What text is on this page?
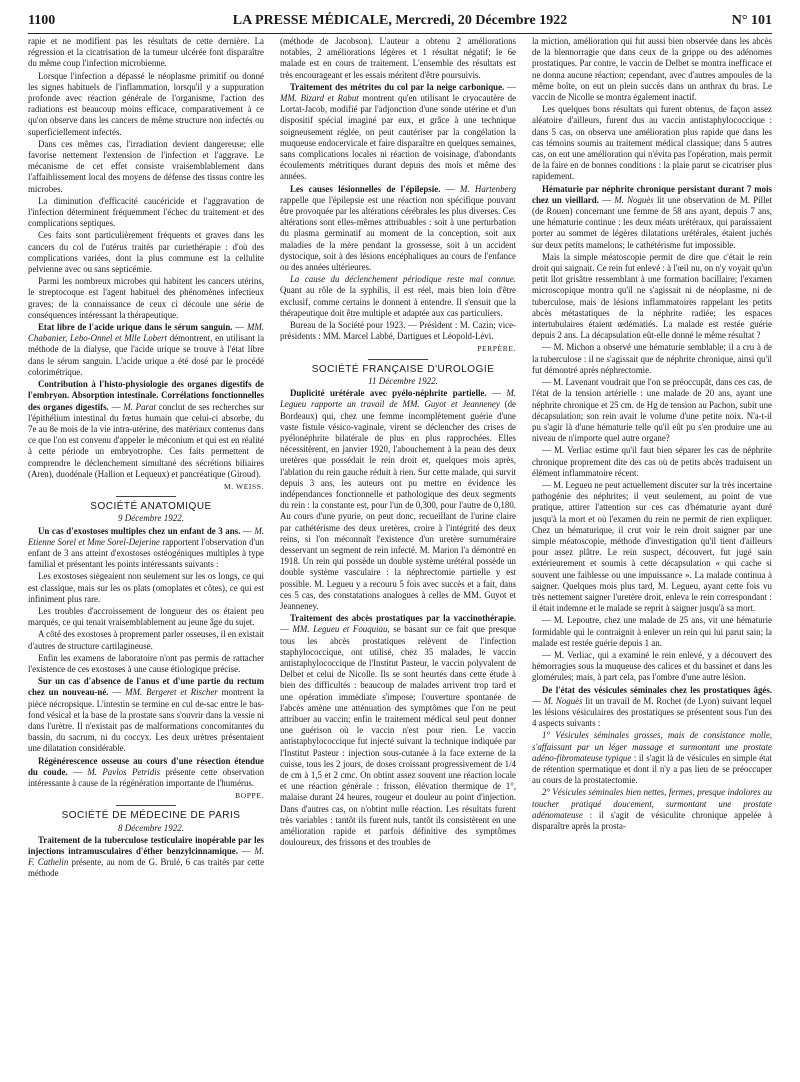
1100	LA PRESSE MÉDICALE, Mercredi, 20 Décembre 1922	N° 101

rapie et ne modifient pas les résultats de cette dernière. La régression et la cicatrisation de la tumeur ulcérée font disparaître du même coup l'infection microbienne.

Lorsque l'infection a dépassé le néoplasme primitif ou donné les signes habituels de l'inflammation, lorsqu'il y a suppuration profonde avec réaction générale de l'organisme, l'action des radiations est beaucoup moins efficace, comparativement à ce qu'on observe dans les cancers de même structure non infectés ou superficiellement infectés.

Dans ces mêmes cas, l'irradiation devient dangereuse; elle favorise nettement l'extension de l'infection et l'aggrave. Le mécanisme de cet effet consiste vraisemblablement dans l'affaiblissement local des moyens de défense des tissus contre les microbes.

La diminution d'efficacité caucéricide et l'aggravation de l'infection déterminent fréquemment l'échec du traitement et des complications septiques.

Ces faits sont particulièrement fréquents et graves dans les cancers du col de l'utérus traités par curiethérapie : d'où des complications variées, dont la plus commune est la cellulite pelvienne avec ou sans septicémie.

Parmi les nombreux microbes qui habitent les cancers utérins, le streptocoque est l'agent habituel des phénomènes infectieux graves; de la connaissance de ceux ci découle une série de conséquences intéressant la thérapeutique.

Etat libre de l'acide urique dans le sérum sanguin. — MM. Chabanier, Lebo-Onnel et Mlle Lobert démontrent, en utilisant la méthode de la dialyse, que l'acide urique se trouve à l'état libre dans le sérum sanguin. L'acide urique a été dosé par le procédé colorimétrique.

Contribution à l'histo-physiologie des organes digestifs de l'embryon. Absorption intestinale. Corrélations fonctionnelles des organes digestifs. — M. Parat conclut de ses recherches sur l'épithélium intestinal du fœtus humain que celui-ci absorbe, du 7e au 8e mois de la vie intra-utérine, des matériaux contenus dans ce que l'on est convenu d'appeler le méconium et qui est en réalité à cette période un embryotrophe. Ces faits permettent de comprendre le déclenchement simultané des sécrétions biliaires (Aren), duodénale (Hallion et Lequeux) et pancréatique (Giroud).

M. WEISS.

SOCIÉTÉ ANATOMIQUE

9 Décembre 1922.

Un cas d'exostoses multiples chez un enfant de 3 ans. — M. Etienne Sorel et Mme Sorel-Dejerine rapportent l'observation d'un enfant de 3 ans atteint d'exostoses ostéogéniques multiples à type familial et présentant les points intéressants suivants :

Les exostoses siègeaient non seulement sur les os longs, ce qui est classique, mais sur les os plats (omoplates et côtes), ce qui est infiniment plus rare.

Les troubles d'accroissement de longueur des os étaient peu marqués, ce qui tenait vraisemblablement au jeune âge du sujet.

A côté des exostoses à proprement parler osseuses, il en existait d'autres de structure cartilagineuse.

Enfin les examens de laboratoire n'ont pas permis de rattacher l'existence de ces exostoses à une cause étiologique précise.

Sur un cas d'absence de l'anus et d'une partie du rectum chez un nouveau-né. — MM. Bergeret et Rischer montrent la pièce nécropsique. L'intestin se termine en cul de-sac entre le bas-fond vésical et la base de la prostate sans s'ouvrir dans la vessie ni dans l'urètre. Il n'existait pas de malformations concomitantes du bassin, du sacrum, ni du coccyx. Les deux urètres présentaient une dilatation considérable.

Régénérescence osseuse au cours d'une résection étendue du coude. — M. Pavlos Petridis présente cette observation intéressante à cause de la régénération importante de l'humérus.

BOPPE.

SOCIÉTÉ DE MÉDECINE DE PARIS

8 Décembre 1922.

Traitement de la tuberculose testiculaire inopérable par les injections intramusculaires d'éther benzylcinnamique. — M. F. Cathelin présente, au nom de G. Brulé, 6 cas traités par cette méthode

(méthode de Jacobson). L'auteur a obtenu 2 améliorations notables, 2 améliorations légères et 1 résultat négatif; le 6e malade est en cours de traitement. L'ensemble des résultats est très encourageant et les essais méritent d'être poursuivis.

Traitement des métrites du col par la neige carbonique. — MM. Bizard et Rabut montrent qu'en utilisant le cryocautère de Lortat-Jacob, modifié par l'adjonction d'une sonde utérine et d'un dispositif spécial imaginé par eux, et grâce à une technique soigneusement réglée, on peut cautériser par la congélation la muqueuse endocervicale et faire disparaître en quelques semaines, sans complications locales ni réaction de voisinage, d'abondants écoulements métritiques durant depuis des mois et même des années.

Les causes lésionnelles de l'épilepsie. — M. Hartenberg rappelle que l'épilepsie est une réaction non spécifique pouvant être provoquée par les altérations cérébrales les plus diverses. Ces altérations sont elles-mêmes attribuables : soit à une perturbation du plasma germinatif au moment de la conception, soit aux maladies de la mère pendant la grossesse, soit à un accident dystocique, soit à des lésions encéphaliques au cours de l'enfance ou des années ultérieures.

La cause du déclenchement périodique reste mal connue. Quant au rôle de la syphilis, il est réel, mais bien loin d'être exclusif, comme certains le donnent à entendre. Il s'ensuit que la thérapeutique doit être multiple et adaptée aux cas particuliers.

Bureau de la Société pour 1923. — Président : M. Cazin; vice-présidents : MM. Marcel Labbé, Dartigues et Léopold-Lévi.

PERPÈRE.

SOCIÉTÉ FRANÇAISE D'UROLOGIE

11 Décembre 1922.

Duplicité urétérale avec pyélo-néphrite partielle. — M. Legueu rapporte un travail de MM. Guyot et Jeanneney (de Bordeaux) qui, chez une femme incomplètement guérie d'une vaste fistule vésico-vaginale, virent se déclencher des crises de pyélonéphrite bilatérale de plus en plus rapprochées. Elles nécessitèrent, en janvier 1920, l'abouchement à la peau des deux uretères que possédait le rein droit et, quelques mois après, l'ablation du rein gauche réduit à rien. Sur cette malade, qui survit depuis 3 ans, les auteurs ont pu mettre en évidence les indépendances fonctionnelle et pathologique des deux segments du rein : la constante est, pour l'un de 0,300, pour l'autre de 0,180. Au cours d'une pyurie, on peut donc, recueillant de l'urine claire par cathétérisme des deux uretères, croire à l'intégrité des deux reins, si l'on méconnaît l'existence d'un uretère surnuméraire desservant un segment de rein infecté. M. Marion l'a démontré en 1918. Un rein qui possède un double système urétéral possède un double système vasculaire : la néphrectomie partielle y est possible. M. Legueu y a recouru 5 fois avec succès et a fait, dans ces 5 cas, des constatations analogues à celles de MM. Guyot et Jeanneney.

Traitement des abcès prostatiques par la vaccinothérapie. — MM. Legueu et Fouquiau, se basant sur ce fait que presque tous les abcès prostatiques relèvent de l'infection staphylococcique, ont utilisé, chez 35 malades, le vaccin antistaphylococcique de l'Institut Pasteur, le vaccin polyvalent de Delbet et celui de Nicolle. Ils se sont heurtés dans cette étude à bien des difficultés : beaucoup de malades arrivent trop tard et une opération immédiate s'impose; l'ouverture spontanée de l'abcès amène une atténuation des symptômes que l'on ne peut attribuer au vaccin; enfin le traitement médical seul peut donner une guérison où le vaccin n'est pour rien. Le vaccin antistaphylococcique fut injecté suivant la technique indiquée par l'Institut Pasteur : injection sous-cutanée à la face externe de la cuisse, tous les 2 jours, de doses croissant progressivement de 1/4 de cm à 1,5 et 2 cmc. On obtint assez souvent une réaction locale et une réaction générale : frisson, élévation thermique de 1°, malaise durant 24 heures, rougeur et douleur au point d'injection. Dans d'autres cas, on n'obtint nulle réaction. Les résultats furent très variables : tantôt ils furent nuls, tantôt ils consistèrent en une amélioration rapide et parfois définitive des symptômes douloureux, des frissons et des troubles de

la miction, amélioration qui fut aussi bien observée dans les abcès de la blennorragie que dans ceux de la grippe ou des adénomes prostatiques. Par contre, le vaccin de Delbet se montra inefficace et ne donna aucune réaction; cependant, avec d'autres ampoules de la même boîte, on eut un plein succès dans un anthrax du bras. Le vaccin de Nicolle se montra également inactif.

Les quelques bons résultats qui furent obtenus, de façon assez aléatoire d'ailleurs, furent dus au vaccin antistaphylococcique : dans 5 cas, on observa une amélioration plus rapide que dans les cas témoins soumis au traitement médical classique; dans 5 autres cas, on eut une amélioration qui n'évita pas l'opération, mais permit de la faire en de bonnes conditions : la plaie parut se cicatriser plus rapidement.

Hématurie par néphrite chronique persistant durant 7 mois chez un vieillard. — M. Noguès lit une observation de M. Pillet (de Rouen) concernant une femme de 58 ans ayant, depuis 7 ans, une hématurie continue : les deux méats urétéraux, qui paraissaient porter au sommet de légères dilatations urétérales, étaient juchés sur deux petits mamelons; le cathétérisme fut impossible.

Mais la simple méatoscopie permit de dire que c'était le rein droit qui saignait. Ce rein fut enlevé : à l'œil nu, on n'y voyait qu'un petit îlot grisâtre ressemblant à une formation bacillaire; l'examen microscopique montra qu'il ne s'agissait ni de néoplasme, ni de tuberculose, mais de lésions inflammatoires rappelant les petits abcès métastatiques de la néphrite radiée; les espaces intertubulaires étaient œdématiés. La malade est restée guérie depuis 2 ans. La décapsulation eût-elle donné le même résultat ?

— M. Michon a observé une hématurie semblable; il a cru à de la tuberculose : il ne s'agissait que de néphrite chronique, ainsi qu'il fut démontré après néphrectomie.

— M. Lavenant voudrait que l'on se préoccupât, dans ces cas, de l'état de la tension artérielle : une malade de 20 ans, ayant une néphrite chronique et 25 cm. de Hg de tension au Pachon, subit une décapsulation; son rein avait le volume d'une petite noix. N'a-t-il pu s'agir là d'une hématurie telle qu'il eût pu s'en produire une au niveau de n'importe quel autre organe?

— M. Verliac estime qu'il faut bien séparer les cas de néphrite chronique proprement dite des cas où de petits abcès traduisent un élément inflammatoire récent.

— M. Legueu ne peut actuellement discuter sur la très incertaine pathogénie des néphrites; il veut seulement, au point de vue pratique, attirer l'attention sur ces cas d'hématurie ayant duré jusqu'à la mort et où l'examen du rein ne permit de rien expliquer. Chez un hématurique, il crut voir le rein droit saigner par une simple méatoscopie, méthode d'investigation qu'il tient d'ailleurs pour assez plâtre. Le rein suspect, découvert, fut jugé sain extérieurement et soumis à cette décapsulation « qui cache si souvent une faiblesse ou une impuissance ». La malade continua à saigner. Quelques mois plus tard, M. Legueu, ayant cette fois vu très nettement saigner l'uretère droit, enleva le rein correspondant : il était indemne et le malade se reprit à saigner jusqu'à sa mort.

— M. Lepoutre, chez une malade de 25 ans, vit une hématurie formidable qui le contraignit à enlever un rein qui lui parut sain; la malade est restée guérie depuis 1 an.

— M. Verliac, qui a examiné le rein enlevé, y a découvert des hémorragies sous la muqueuse des calices et du bassinet et dans les glomérules; mais, à part cela, pas l'ombre d'une autre lésion.

De l'état des vésicules séminales chez les prostatiques âgés. — M. Noguès lit un travail de M. Rochet (de Lyon) suivant lequel les lésions vésiculaires des prostatiques se présentent sous l'un des 4 aspects suivants :

1° Vésicules séminales grosses, mais de consistance molle, s'affaissant par un léger massage et surmontant une prostate adéno-fibromateuse typique : il s'agit là de vésicules en simple état de rétention spermatique et dont il n'y a pas lieu de se préoccuper au cours de la prostatectomie.

2° Vésicules séminales bien nettes, fermes, presque indolores au toucher pratiqué doucement, surmontant une prostate adénomateuse : il s'agit de vésiculite chronique appelée à disparaître après la prosta-
